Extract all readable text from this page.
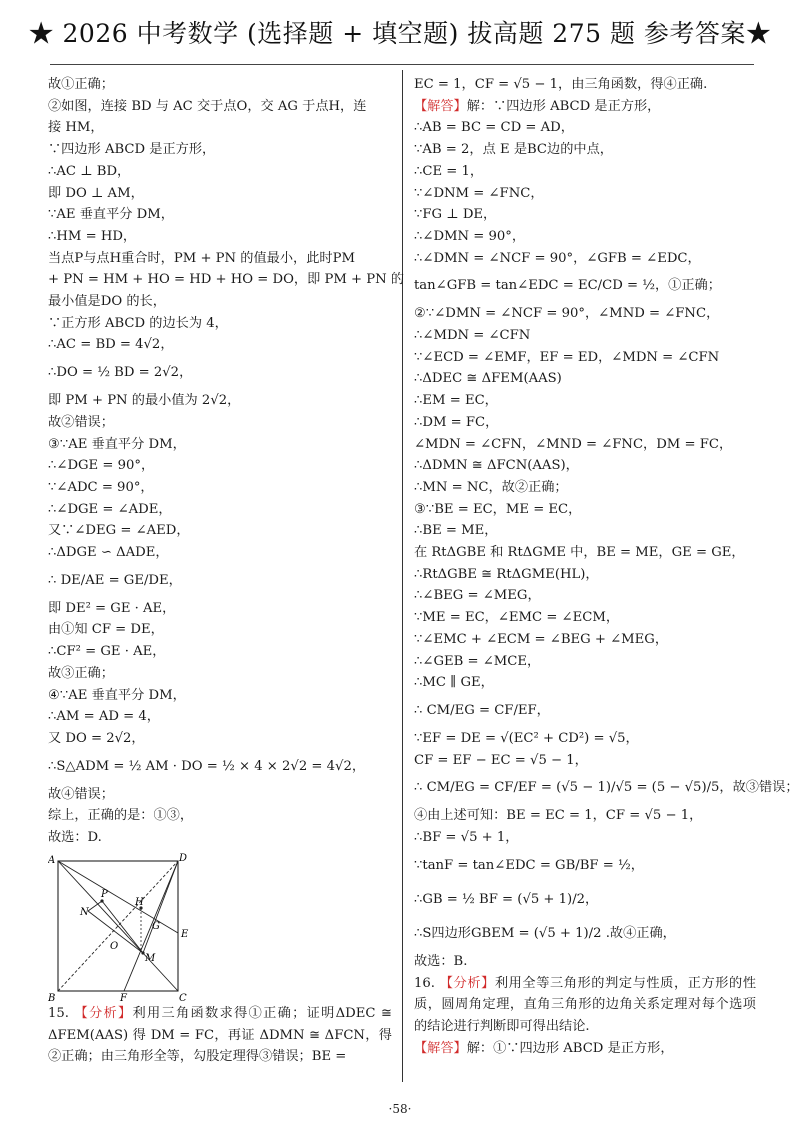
★ 2026 中考数学 (选择题 + 填空题) 拔高题 275 题 参考答案★
故①正确；
②如图，连接 BD 与 AC 交于点O，交 AG 于点H，连
接 HM，
∵四边形 ABCD 是正方形，
∴AC ⊥ BD，
即 DO ⊥ AM，
∵AE 垂直平分 DM，
∴HM = HD，
当点P与点H重合时，PM + PN 的值最小，此时PM
+ PN = HM + HO = HD + HO = DO，即 PM + PN 的
最小值是DO 的长，
∵正方形 ABCD 的边长为 4，
∴AC = BD = 4√2，
∴DO = ½ BD = 2√2，
即 PM + PN 的最小值为 2√2，
故②错误；
③∵AE 垂直平分 DM，
∴∠DGE = 90°，
∵∠ADC = 90°，
∴∠DGE = ∠ADE，
又∵∠DEG = ∠AED，
∴ΔDGE ∽ ΔADE，
∴ DE/AE = GE/DE，
即 DE² = GE · AE，
由①知 CF = DE，
∴CF² = GE · AE，
故③正确；
④∵AE 垂直平分 DM，
∴AM = AD = 4，
又 DO = 2√2，
∴S△ADM = ½ AM · DO = ½ × 4 × 2√2 = 4√2，
故④错误；
综上，正确的是：①③，
故选：D.
A	D
B	C
E
F
G
H
M
N
O
P
15. 【分析】利用三角函数求得①正确；证明ΔDEC ≅ ΔFEM(AAS) 得 DM = FC，再证 ΔDMN ≅ ΔFCN，得②正确；由三角形全等，勾股定理得③错误；BE =
EC = 1，CF = √5 − 1，由三角函数，得④正确.
【解答】解：∵四边形 ABCD 是正方形，
∴AB = BC = CD = AD，
∵AB = 2，点 E 是BC边的中点，
∴CE = 1，
∵∠DNM = ∠FNC，
∵FG ⊥ DE，
∴∠DMN = 90°，
∴∠DMN = ∠NCF = 90°，∠GFB = ∠EDC，
tan∠GFB = tan∠EDC = EC/CD = ½，①正确；
②∵∠DMN = ∠NCF = 90°，∠MND = ∠FNC，
∴∠MDN = ∠CFN
∵∠ECD = ∠EMF，EF = ED，∠MDN = ∠CFN
∴ΔDEC ≅ ΔFEM(AAS)
∴EM = EC，
∴DM = FC，
∠MDN = ∠CFN，∠MND = ∠FNC，DM = FC，
∴ΔDMN ≅ ΔFCN(AAS)，
∴MN = NC，故②正确；
③∵BE = EC，ME = EC，
∴BE = ME，
在 RtΔGBE 和 RtΔGME 中，BE = ME，GE = GE，
∴RtΔGBE ≅ RtΔGME(HL)，
∴∠BEG = ∠MEG，
∵ME = EC，∠EMC = ∠ECM，
∵∠EMC + ∠ECM = ∠BEG + ∠MEG，
∴∠GEB = ∠MCE，
∴MC ∥ GE，
∴ CM/EG = CF/EF，
∵EF = DE = √(EC² + CD²) = √5，
CF = EF − EC = √5 − 1，
∴ CM/EG = CF/EF = (√5 − 1)/√5 = (5 − √5)/5，故③错误；
④由上述可知：BE = EC = 1，CF = √5 − 1，
∴BF = √5 + 1，
∵tanF = tan∠EDC = GB/BF = ½，
∴GB = ½ BF = (√5 + 1)/2，
∴S四边形GBEM = (√5 + 1)/2 .故④正确，
故选：B.
16. 【分析】利用全等三角形的判定与性质，正方形的性质，圆周角定理，直角三角形的边角关系定理对每个选项的结论进行判断即可得出结论.
【解答】解：①∵四边形 ABCD 是正方形，
·58·
